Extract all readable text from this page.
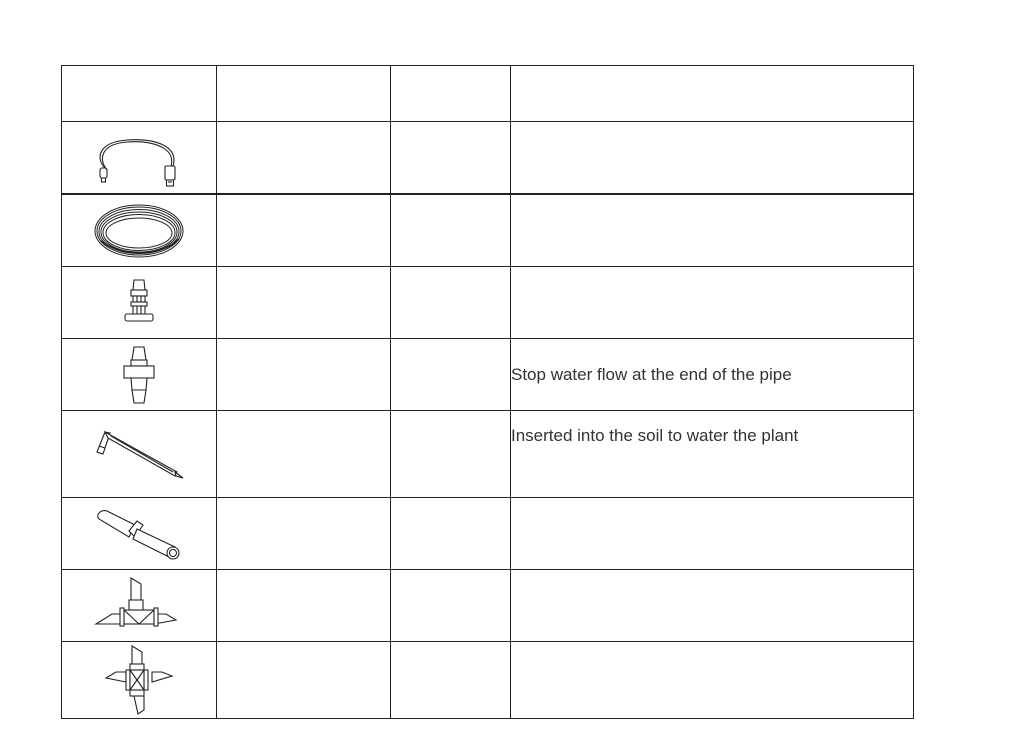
			Stop water flow at the end of the pipe

			Inserted into the soil to water the plant
